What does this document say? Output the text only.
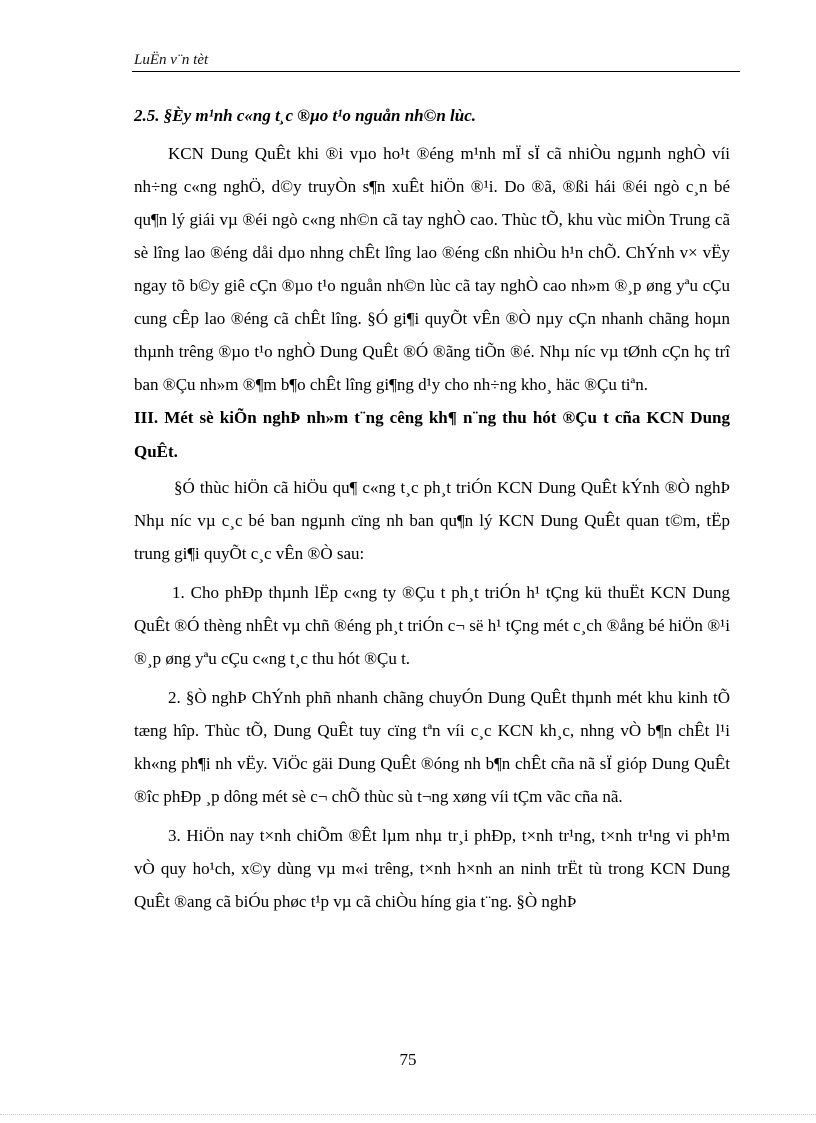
LuËn v¨n tèt

2.5. §Èy m¹nh c«ng t¸c ®µo t¹o nguån nh©n lùc.

KCN Dung QuÊt khi ®i vµo ho¹t ®éng m¹nh mÏ sÏ cã nhiÒu ngµnh nghÒ víi nh÷ng c«ng nghÖ, d©y truyÒn s¶n xuÊt hiÖn ®¹i. Do ®ã, ®ßi hái ®éi ngò c¸n bé qu¶n lý giái vµ ®éi ngò c«ng nh©n cã tay nghÒ cao. Thùc tÕ, khu vùc miÒn Trung cã sè lîng lao ®éng dåi dµo nhng chÊt lîng lao ®éng cßn nhiÒu h¹n chÕ. ChÝnh v× vËy ngay tõ b©y giê cÇn ®µo t¹o nguån nh©n lùc cã tay nghÒ cao nh»m ®¸p øng yªu cÇu cung cÊp lao ®éng cã chÊt lîng. §Ó gi¶i quyÕt vÊn ®Ò nµy cÇn nhanh chãng hoµn thµnh trêng ®µo t¹o nghÒ Dung QuÊt ®Ó ®ãng tiÕn ®é. Nhµ níc vµ tØnh cÇn hç trî ban ®Çu nh»m ®¶m b¶o chÊt lîng gi¶ng d¹y cho nh÷ng kho¸ häc ®Çu tiªn.

III. Mét sè kiÕn nghÞ nh»m t¨ng cêng kh¶ n¨ng thu hót ®Çu t cña KCN Dung QuÊt.

§Ó thùc hiÖn cã hiÖu qu¶ c«ng t¸c ph¸t triÓn KCN Dung QuÊt kÝnh ®Ò nghÞ Nhµ níc vµ c¸c bé ban ngµnh cïng nh ban qu¶n lý KCN Dung QuÊt quan t©m, tËp trung gi¶i quyÕt c¸c vÊn ®Ò sau:

1. Cho phÐp thµnh lËp c«ng ty ®Çu t ph¸t triÓn h¹ tÇng kü thuËt KCN Dung QuÊt ®Ó thèng nhÊt vµ chñ ®éng ph¸t triÓn c¬ së h¹ tÇng mét c¸ch ®ång bé hiÖn ®¹i ®¸p øng yªu cÇu c«ng t¸c thu hót ®Çu t.

2. §Ò nghÞ ChÝnh phñ nhanh chãng chuyÓn Dung QuÊt thµnh mét khu kinh tÕ tæng hîp. Thùc tÕ, Dung QuÊt tuy cïng tªn víi c¸c KCN kh¸c, nhng vÒ b¶n chÊt l¹i kh«ng ph¶i nh vËy. ViÖc gäi Dung QuÊt ®óng nh b¶n chÊt cña nã sÏ gióp Dung QuÊt ®îc phÐp ¸p dông mét sè c¬ chÕ thùc sù t¬ng xøng víi tÇm vãc cña nã.

3. HiÖn nay t×nh chiÕm ®Êt lµm nhµ tr¸i phÐp, t×nh tr¹ng, t×nh tr¹ng vi ph¹m vÒ quy ho¹ch, x©y dùng vµ m«i trêng, t×nh h×nh an ninh trËt tù trong KCN Dung QuÊt ®ang cã biÓu phøc t¹p vµ cã chiÒu híng gia t¨ng. §Ò nghÞ

75
